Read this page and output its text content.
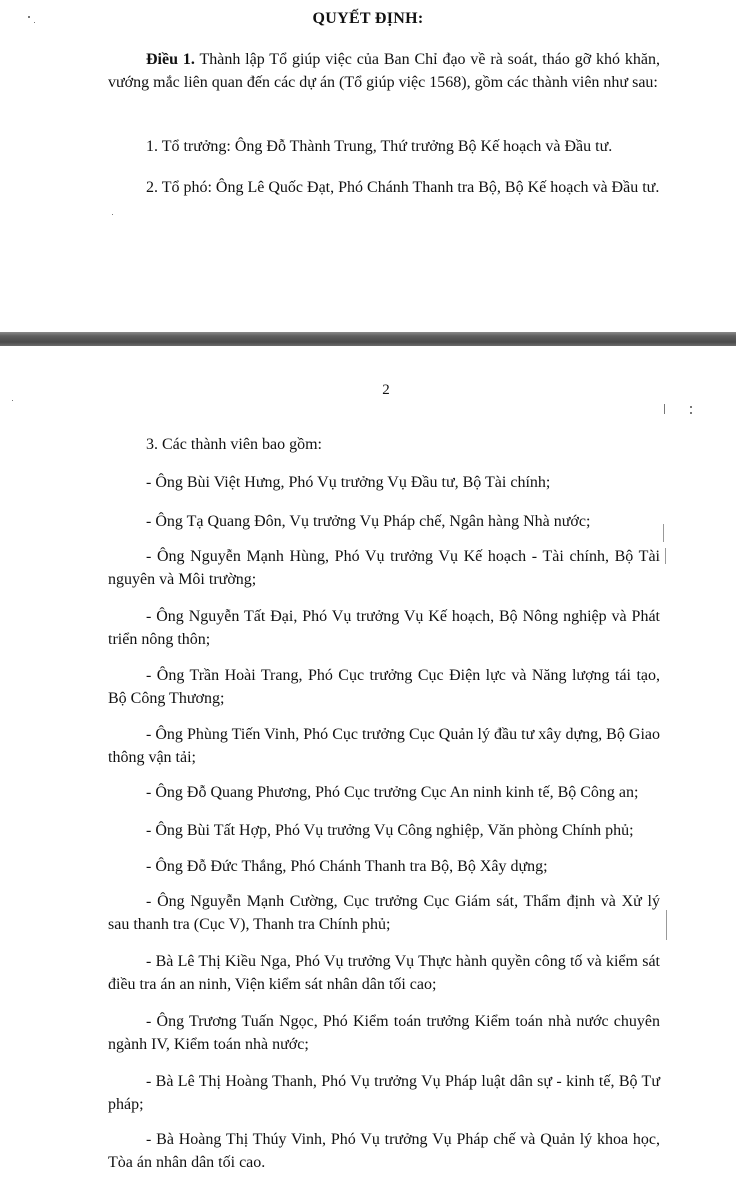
QUYẾT ĐỊNH:
Điều 1. Thành lập Tổ giúp việc của Ban Chỉ đạo về rà soát, tháo gỡ khó khăn, vướng mắc liên quan đến các dự án (Tổ giúp việc 1568), gồm các thành viên như sau:
1. Tổ trưởng: Ông Đỗ Thành Trung, Thứ trưởng Bộ Kế hoạch và Đầu tư.
2. Tổ phó: Ông Lê Quốc Đạt, Phó Chánh Thanh tra Bộ, Bộ Kế hoạch và Đầu tư.
2
3. Các thành viên bao gồm:
- Ông Bùi Việt Hưng, Phó Vụ trưởng Vụ Đầu tư, Bộ Tài chính;
- Ông Tạ Quang Đôn, Vụ trưởng Vụ Pháp chế, Ngân hàng Nhà nước;
- Ông Nguyễn Mạnh Hùng, Phó Vụ trưởng Vụ Kế hoạch - Tài chính, Bộ Tài nguyên và Môi trường;
- Ông Nguyễn Tất Đại, Phó Vụ trưởng Vụ Kế hoạch, Bộ Nông nghiệp và Phát triển nông thôn;
- Ông Trần Hoài Trang, Phó Cục trưởng Cục Điện lực và Năng lượng tái tạo, Bộ Công Thương;
- Ông Phùng Tiến Vinh, Phó Cục trưởng Cục Quản lý đầu tư xây dựng, Bộ Giao thông vận tải;
- Ông Đỗ Quang Phương, Phó Cục trưởng Cục An ninh kinh tế, Bộ Công an;
- Ông Bùi Tất Hợp, Phó Vụ trưởng Vụ Công nghiệp, Văn phòng Chính phủ;
- Ông Đỗ Đức Thắng, Phó Chánh Thanh tra Bộ, Bộ Xây dựng;
- Ông Nguyễn Mạnh Cường, Cục trưởng Cục Giám sát, Thẩm định và Xử lý sau thanh tra (Cục V), Thanh tra Chính phủ;
- Bà Lê Thị Kiều Nga, Phó Vụ trưởng Vụ Thực hành quyền công tố và kiểm sát điều tra án an ninh, Viện kiểm sát nhân dân tối cao;
- Ông Trương Tuấn Ngọc, Phó Kiểm toán trưởng Kiểm toán nhà nước chuyên ngành IV, Kiểm toán nhà nước;
- Bà Lê Thị Hoàng Thanh, Phó Vụ trưởng Vụ Pháp luật dân sự - kinh tế, Bộ Tư pháp;
- Bà Hoàng Thị Thúy Vinh, Phó Vụ trưởng Vụ Pháp chế và Quản lý khoa học, Tòa án nhân dân tối cao.
